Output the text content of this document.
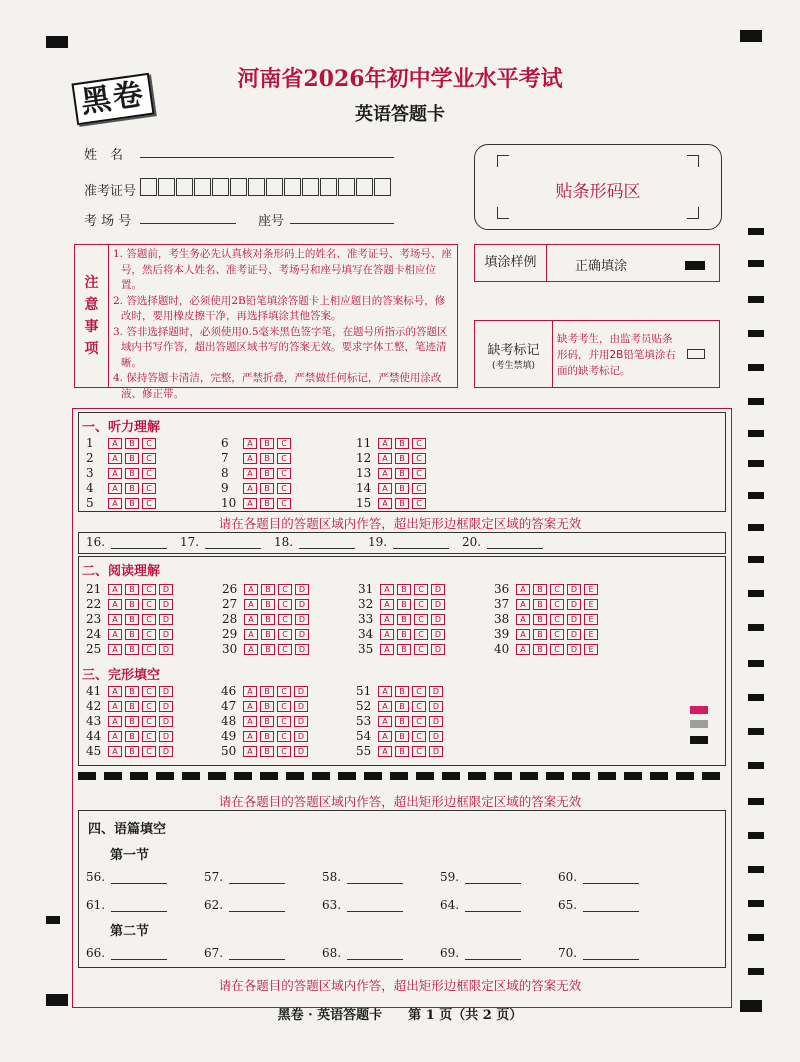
黑卷	河南省2026年初中学业水平考试
英语答题卡
姓　名
准考证号
考 场 号	座号
贴条形码区
注
意
事
项

1. 答题前，考生务必先认真核对条形码上的姓名、准考证号、考场号、座号，然后将本人姓名、准考证号、考场号和座号填写在答题卡相应位置。

2. 答选择题时，必须使用2B铅笔填涂答题卡上相应题目的答案标号，修改时，要用橡皮擦干净，再选择填涂其他答案。

3. 答非选择题时，必须使用0.5毫米黑色签字笔，在题号所指示的答题区域内书写作答，超出答题区域书写的答案无效。要求字体工整，笔迹清晰。

4. 保持答题卡清洁，完整，严禁折叠，严禁做任何标记，严禁使用涂改液、修正带。

填涂样例	正确填涂
缺考标记
(考生禁填)
缺考考生，由监考员贴条形码，并用2B铅笔填涂右面的缺考标记。
一、听力理解
1	A	B	C
2	A	B	C
3	A	B	C
4	A	B	C
5	A	B	C
6	A	B	C
7	A	B	C
8	A	B	C
9	A	B	C
10	A	B	C
11	A	B	C
12	A	B	C
13	A	B	C
14	A	B	C
15	A	B	C
请在各题目的答题区域内作答，超出矩形边框限定区域的答案无效
16.	17.	18.	19.	20.
二、阅读理解
21	A	B	C	D
22	A	B	C	D
23	A	B	C	D
24	A	B	C	D
25	A	B	C	D
26	A	B	C	D
27	A	B	C	D
28	A	B	C	D
29	A	B	C	D
30	A	B	C	D
31	A	B	C	D
32	A	B	C	D
33	A	B	C	D
34	A	B	C	D
35	A	B	C	D
36	A	B	C	D	E
37	A	B	C	D	E
38	A	B	C	D	E
39	A	B	C	D	E
40	A	B	C	D	E
三、完形填空
41	A	B	C	D
42	A	B	C	D
43	A	B	C	D
44	A	B	C	D
45	A	B	C	D
46	A	B	C	D
47	A	B	C	D
48	A	B	C	D
49	A	B	C	D
50	A	B	C	D
51	A	B	C	D
52	A	B	C	D
53	A	B	C	D
54	A	B	C	D
55	A	B	C	D
请在各题目的答题区域内作答，超出矩形边框限定区域的答案无效
四、语篇填空
第一节
第二节
56.	57.	58.	59.	60.
61.	62.	63.	64.	65.
66.	67.	68.	69.	70.
请在各题目的答题区域内作答，超出矩形边框限定区域的答案无效
黑卷 · 英语答题卡　　第 1 页（共 2 页）
